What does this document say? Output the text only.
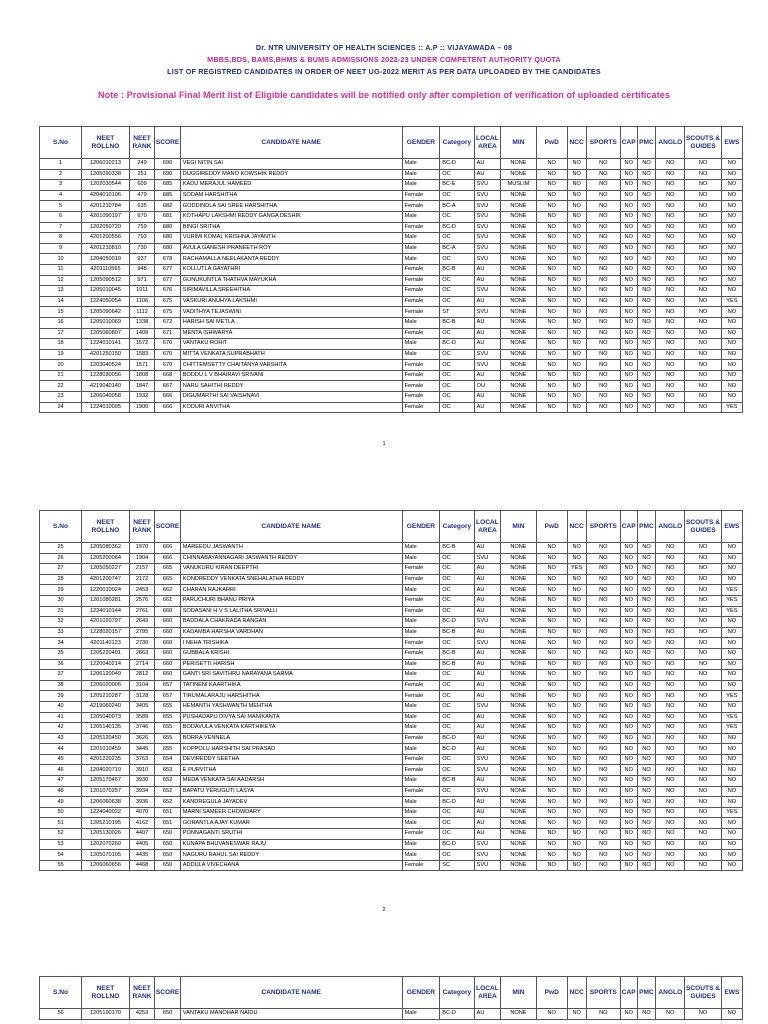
Dr. NTR UNIVERSITY OF HEALTH SCIENCES :: A.P :: VIJAYAWADA – 08
MBBS,BDS, BAMS,BHMS & BUMS ADMISSIONS 2022-23 UNDER COMPETENT AUTHORITY QUOTA
LIST OF REGISTRED CANDIDATES IN ORDER OF NEET UG-2022 MERIT AS PER DATA UPLOADED BY THE CANDIDATES
Note : Provisional Final Merit list of Eligible candidates will be notified only after completion of verification of uploaded certificates
S.No	NEET ROLLNO	NEET RANK	SCORE	CANDIDATE NAME	GENDER	Category	LOCAL AREA	MIN	PwD	NCC	SPORTS	CAP	PMC	ANGLO	SCOUTS & GUIDES	EWS
1	1206010213	249	690	VEGI NITIN SAI	Male	BC-D	AU	NONE	NO	NO	NO	NO	NO	NO	NO	NO
2	1205090338	251	690	DUGGIREDDY MANO KOWSHIK REDDY	Male	OC	AU	NONE	NO	NO	NO	NO	NO	NO	NO	NO
3	1202030544	609	685	KADU MERAJUL HAMEED	Male	BC-E	SVU	MUSLIM	NO	NO	NO	NO	NO	NO	NO	NO
4	4204010106	479	685	SODAM HARSHITHA	Female	OC	SVU	NONE	NO	NO	NO	NO	NO	NO	NO	NO
5	4201210784	635	682	GODDINDLA SAI SREE HARSHITHA	Female	BC-A	SVU	NONE	NO	NO	NO	NO	NO	NO	NO	NO
6	4201090197	670	681	KOTHAPU LAKSHMI REDDY GANGA DESHIK	Male	OC	SVU	NONE	NO	NO	NO	NO	NO	NO	NO	NO
7	1202050720	759	680	BINGI SRITHA	Female	BC-D	SVU	NONE	NO	NO	NO	NO	NO	NO	NO	NO
8	4201200556	793	680	VURIMI KOMAL KRISHNA JAYANTH	Male	OC	SVU	NONE	NO	NO	NO	NO	NO	NO	NO	NO
9	4201210810	730	680	AVULA GANESH PRANEETH ROY	Male	BC-A	SVU	NONE	NO	NO	NO	NO	NO	NO	NO	NO
10	1204050019	937	678	RACHAMALLA NEELAKANTA REDDY	Male	OC	SVU	NONE	NO	NO	NO	NO	NO	NO	NO	NO
11	4201110565	948	677	KOLLUTLA GAYATHRI	Female	BC-B	AU	NONE	NO	NO	NO	NO	NO	NO	NO	NO
12	1205090512	971	677	GUNUKUNTLA THATHVA MAYUKHA	Female	OC	AU	NONE	NO	NO	NO	NO	NO	NO	NO	NO
13	1205010045	1011	676	SIRIMAVILLA SREEHITHA	Female	OC	SVU	NONE	NO	NO	NO	NO	NO	NO	NO	NO
14	1224050054	1106	675	VASKURI ANUHYA LAKSHMI	Female	OC	AU	NONE	NO	NO	NO	NO	NO	NO	NO	YES
15	1205090642	1112	675	VADITHYA TEJASWINI	Female	ST	SVU	NONE	NO	NO	NO	NO	NO	NO	NO	NO
16	1205010069	1338	672	HARISH SAI METLA	Male	BC-B	AU	NONE	NO	NO	NO	NO	NO	NO	NO	NO
17	1205060807	1409	671	MENTA ISHWARYA	Female	OC	AU	NONE	NO	NO	NO	NO	NO	NO	NO	NO
18	1224010141	1572	670	VANTAKU ROHIT	Male	BC-D	AU	NONE	NO	NO	NO	NO	NO	NO	NO	NO
19	4201250150	1583	670	MITTA VENKATA SUPRABHATH	Male	OC	SVU	NONE	NO	NO	NO	NO	NO	NO	NO	NO
20	1203040524	1571	670	CHITTEMSETTY CHAITANYA VARSHITA	Female	OC	SVU	NONE	NO	NO	NO	NO	NO	NO	NO	NO
21	1228030056	1808	668	BODDU L V BHAIRAVI SRIVANI	Female	OC	AU	NONE	NO	NO	NO	NO	NO	NO	NO	NO
22	4219040140	1847	667	NARU SAHITHI REDDY	Female	OC	OU	NONE	NO	NO	NO	NO	NO	NO	NO	NO
23	1206040058	1932	666	DIGUMARTHI SAI VAISHNAVI	Female	OC	AU	NONE	NO	NO	NO	NO	NO	NO	NO	NO
24	1224010005	1900	666	KODURI ANVITHA	Female	OC	AU	NONE	NO	NO	NO	NO	NO	NO	NO	YES
1
S.No	NEET ROLLNO	NEET RANK	SCORE	CANDIDATE NAME	GENDER	Category	LOCAL AREA	MIN	PwD	NCC	SPORTS	CAP	PMC	ANGLO	SCOUTS & GUIDES	EWS
25	1205080362	1970	666	MAREEDU JASWANTH	Male	BC-B	AU	NONE	NO	NO	NO	NO	NO	NO	NO	NO
26	1205200064	1904	666	CHINNABAYANNAGARI JASWANTH REDDY	Male	OC	SVU	NONE	NO	NO	NO	NO	NO	NO	NO	NO
27	1205050227	2157	665	VANUKURU KIRAN DEEPTHI	Female	OC	AU	NONE	NO	YES	NO	NO	NO	NO	NO	NO
28	4201200747	2172	665	KONDREDDY VENKATA SNEHALATHA REDDY	Female	OC	AU	NONE	NO	NO	NO	NO	NO	NO	NO	NO
29	1220010024	2453	662	CHARAN RAJKARRI	Male	OC	AU	NONE	NO	NO	NO	NO	NO	NO	NO	YES
30	1201080281	2576	661	PARUCHURI BHANU PRIYA	Female	OC	AU	NONE	NO	NO	NO	NO	NO	NO	NO	YES
31	1224010144	2761	660	SODASANI H V S LALITHA SRIVALLI	Female	OC	AU	NONE	NO	NO	NO	NO	NO	NO	NO	YES
32	4201020797	2643	660	BADDALA CHAKRADA RANGAN	Male	BC-D	SVU	NONE	NO	NO	NO	NO	NO	NO	NO	NO
33	1228020157	2795	660	KADAMBA HARSHA VARDHAN	Male	BC-B	AU	NONE	NO	NO	NO	NO	NO	NO	NO	NO
34	4201140123	2730	660	I NEHA TRISHIKA	Female	OC	SVU	NONE	NO	NO	NO	NO	NO	NO	NO	NO
35	1205220401	2663	660	GUBBALA KRISHI	Female	BC-B	AU	NONE	NO	NO	NO	NO	NO	NO	NO	NO
36	1220040214	2714	660	PERISETTI HARISH	Male	BC-B	AU	NONE	NO	NO	NO	NO	NO	NO	NO	NO
37	1206120049	2812	660	GANTI SRI SAVITHRU NARAYANA SARMA	Male	OC	AU	NONE	NO	NO	NO	NO	NO	NO	NO	NO
38	1206020006	3104	657	TATINENI KAARTHIKA	Female	OC	AU	NONE	NO	NO	NO	NO	NO	NO	NO	NO
39	1205210287	3128	657	TIRUMALARAJU HARSHITHA	Female	OC	AU	NONE	NO	NO	NO	NO	NO	NO	NO	YES
40	4219060240	3405	655	HEMANTH YASHWANTH MEHTHA	Male	OC	SVU	NONE	NO	NO	NO	NO	NO	NO	NO	NO
41	1205040073	3589	655	PUSHADAPU DIVYA SAI MANIKANTA	Male	OC	AU	NONE	NO	NO	NO	NO	NO	NO	NO	YES
42	1205140135	3746	655	BODAVULA VENKATA KARTHIKEYA	Male	OC	AU	NONE	NO	NO	NO	NO	NO	NO	NO	YES
43	1205120450	3626	655	BORRA VENNELA	Female	BC-D	AU	NONE	NO	NO	NO	NO	NO	NO	NO	NO
44	1201010459	3445	655	KOPPOLU HARSHITH SAI PRASAD	Male	BC-D	AU	NONE	NO	NO	NO	NO	NO	NO	NO	NO
45	4201220235	3763	654	DEVIREDDY SEETHA	Female	OC	SVU	NONE	NO	NO	NO	NO	NO	NO	NO	NO
46	1204020710	3910	653	E PURVITHA	Female	OC	SVU	NONE	NO	NO	NO	NO	NO	NO	NO	NO
47	1205170467	3930	652	MEDA VENKATA SAI AADARSH	Male	BC-B	AU	NONE	NO	NO	NO	NO	NO	NO	NO	NO
48	1201070257	3934	652	BAPATU YERUGUTI LASYA	Female	OC	SVU	NONE	NO	NO	NO	NO	NO	NO	NO	NO
49	1206060638	3936	652	KANDREGULA JAYADEV	Male	BC-D	AU	NONE	NO	NO	NO	NO	NO	NO	NO	NO
50	1224040022	4070	651	MARNI SAMEER CHOWDARY	Male	OC	AU	NONE	NO	NO	NO	NO	NO	NO	NO	YES
51	1205210195	4162	651	GORANTLA AJAY KUMAR	Male	OC	AU	NONE	NO	NO	NO	NO	NO	NO	NO	NO
52	1205130026	4407	650	PONNAGANTI SRUTHI	Female	OC	AU	NONE	NO	NO	NO	NO	NO	NO	NO	NO
53	1202070260	4405	650	KUNAPA BHUVANESWAR RAJU	Male	BC-D	SVU	NONE	NO	NO	NO	NO	NO	NO	NO	NO
54	1205070105	4435	650	NAGURU RAHUL SAI REDDY	Male	OC	SVU	NONE	NO	NO	NO	NO	NO	NO	NO	NO
55	1206060656	4468	650	ADDULA VIVECHANA	Female	SC	SVU	NONE	NO	NO	NO	NO	NO	NO	NO	NO
2
S.No	NEET ROLLNO	NEET RANK	SCORE	CANDIDATE NAME	GENDER	Category	LOCAL AREA	MIN	PwD	NCC	SPORTS	CAP	PMC	ANGLO	SCOUTS & GUIDES	EWS
56	1205190170	4253	650	VANTAKU MANOHAR NAIDU	Male	BC-D	AU	NONE	NO	NO	NO	NO	NO	NO	NO	NO
